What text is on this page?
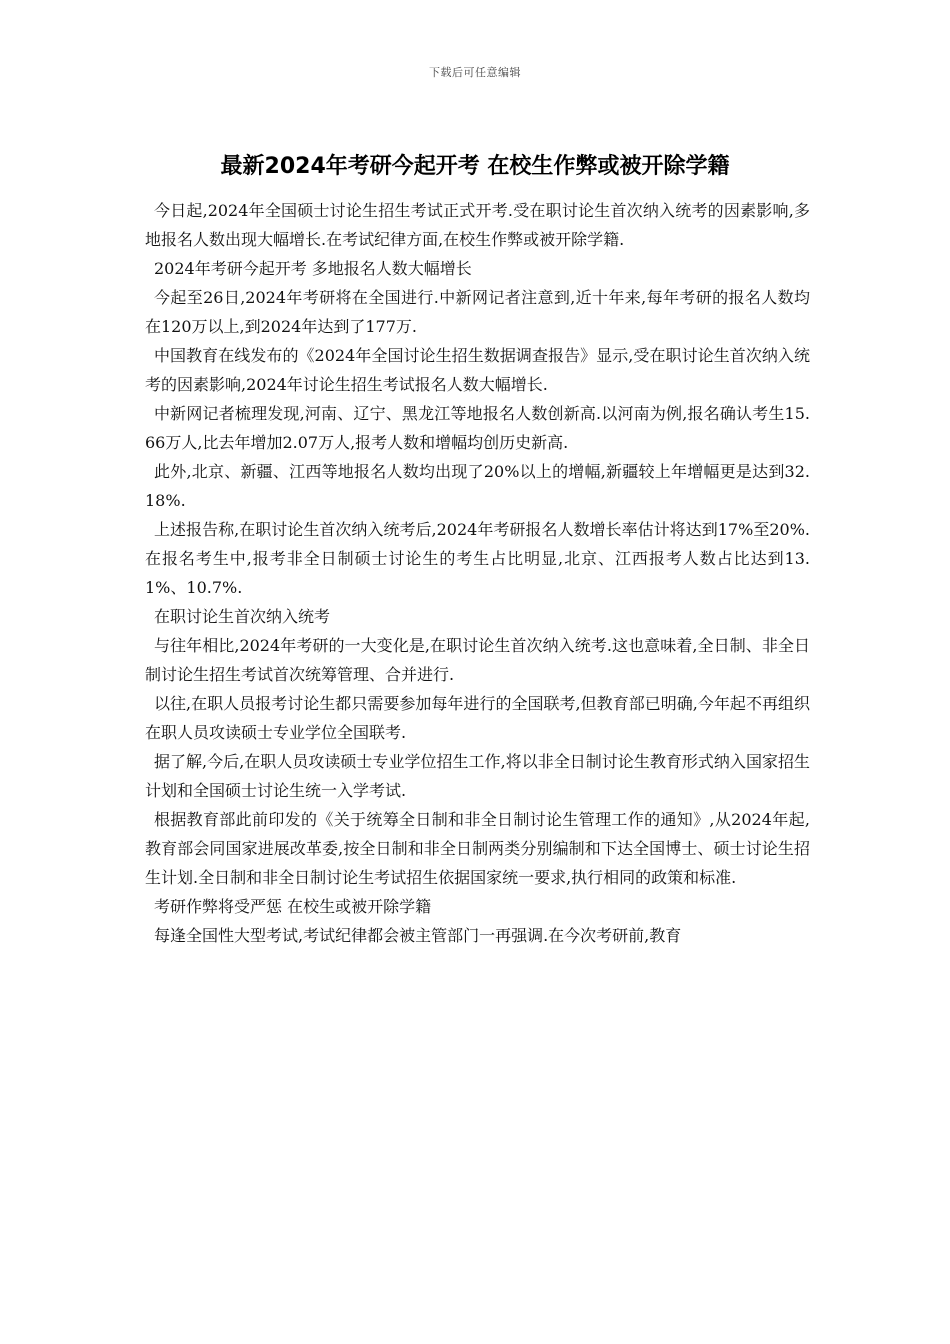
下载后可任意编辑
最新2024年考研今起开考 在校生作弊或被开除学籍

今日起,2024年全国硕士讨论生招生考试正式开考.受在职讨论生首次纳入统考的因素影响,多地报名人数出现大幅增长.在考试纪律方面,在校生作弊或被开除学籍.

2024年考研今起开考 多地报名人数大幅增长

今起至26日,2024年考研将在全国进行.中新网记者注意到,近十年来,每年考研的报名人数均在120万以上,到2024年达到了177万.

中国教育在线发布的《2024年全国讨论生招生数据调查报告》显示,受在职讨论生首次纳入统考的因素影响,2024年讨论生招生考试报名人数大幅增长.

中新网记者梳理发现,河南、辽宁、黑龙江等地报名人数创新高.以河南为例,报名确认考生15.66万人,比去年增加2.07万人,报考人数和增幅均创历史新高.

此外,北京、新疆、江西等地报名人数均出现了20%以上的增幅,新疆较上年增幅更是达到32.18%.

上述报告称,在职讨论生首次纳入统考后,2024年考研报名人数增长率估计将达到17%至20%.在报名考生中,报考非全日制硕士讨论生的考生占比明显,北京、江西报考人数占比达到13.1%、10.7%.

在职讨论生首次纳入统考

与往年相比,2024年考研的一大变化是,在职讨论生首次纳入统考.这也意味着,全日制、非全日制讨论生招生考试首次统筹管理、合并进行.

以往,在职人员报考讨论生都只需要参加每年进行的全国联考,但教育部已明确,今年起不再组织在职人员攻读硕士专业学位全国联考.

据了解,今后,在职人员攻读硕士专业学位招生工作,将以非全日制讨论生教育形式纳入国家招生计划和全国硕士讨论生统一入学考试.

根据教育部此前印发的《关于统筹全日制和非全日制讨论生管理工作的通知》,从2024年起,教育部会同国家进展改革委,按全日制和非全日制两类分别编制和下达全国博士、硕士讨论生招生计划.全日制和非全日制讨论生考试招生依据国家统一要求,执行相同的政策和标准.

考研作弊将受严惩 在校生或被开除学籍

每逢全国性大型考试,考试纪律都会被主管部门一再强调.在今次考研前,教育
